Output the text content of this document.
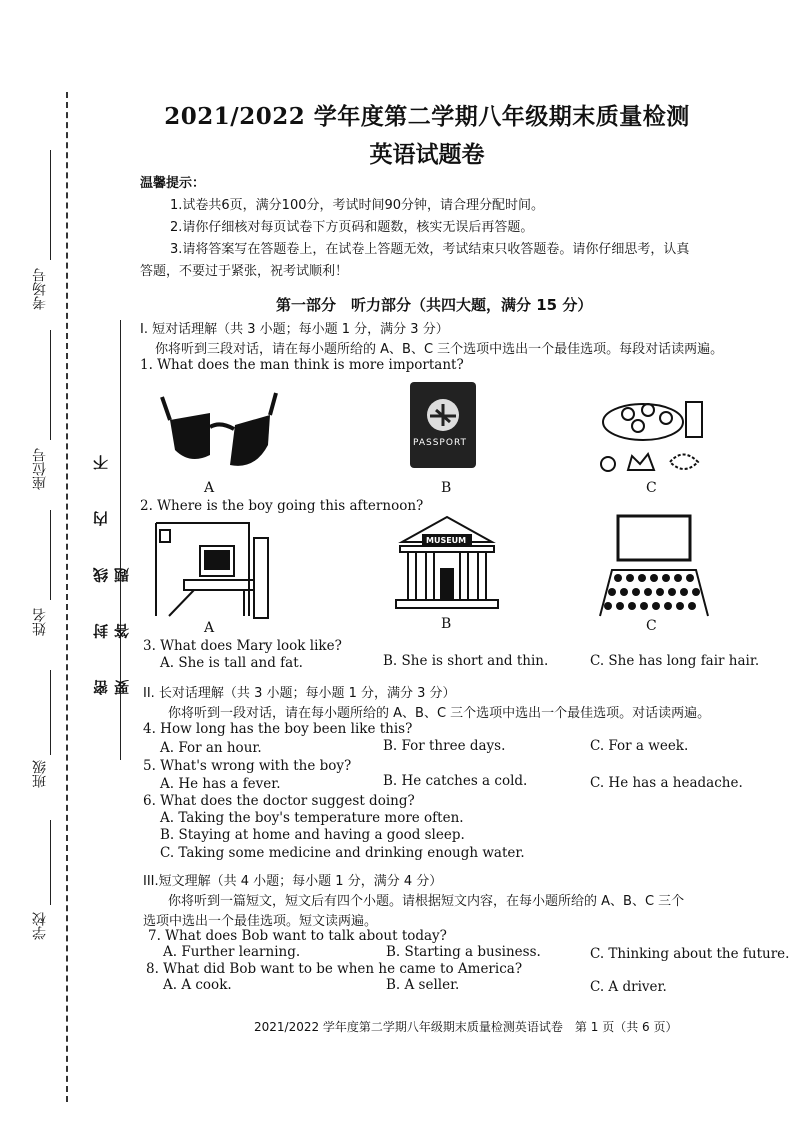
考场号
座位号
姓名
班级
学校
密 封 线 内 不 要 答 题
2021/2022 学年度第二学期八年级期末质量检测
英语试题卷
温馨提示：
1.试卷共6页，满分100分，考试时间90分钟，请合理分配时间。
2.请你仔细核对每页试卷下方页码和题数，核实无误后再答题。
3.请将答案写在答题卷上，在试卷上答题无效，考试结束只收答题卷。请你仔细思考，认真
答题，不要过于紧张，祝考试顺利！
第一部分　听力部分（共四大题，满分 15 分）
I. 短对话理解（共 3 小题；每小题 1 分，满分 3 分）
你将听到三段对话，请在每小题所给的 A、B、C 三个选项中选出一个最佳选项。每段对话读两遍。
1. What does the man think is more important?
A
PASSPORT
B	C
2. Where is the boy going this afternoon?
A
MUSEUM
B	C
3. What does Mary look like?
A. She is tall and fat.	B. She is short and thin.	C. She has long fair hair.
II. 长对话理解（共 3 小题；每小题 1 分，满分 3 分）
你将听到一段对话，请在每小题所给的 A、B、C 三个选项中选出一个最佳选项。对话读两遍。
4. How long has the boy been like this?
A. For an hour.	B. For three days.	C. For a week.
5. What's wrong with the boy?
A. He has a fever.	B. He catches a cold.	C. He has a headache.
6. What does the doctor suggest doing?
A. Taking the boy's temperature more often.
B. Staying at home and having a good sleep.
C. Taking some medicine and drinking enough water.
III.短文理解（共 4 小题；每小题 1 分，满分 4 分）
你将听到一篇短文，短文后有四个小题。请根据短文内容，在每小题所给的 A、B、C 三个
选项中选出一个最佳选项。短文读两遍。
7. What does Bob want to talk about today?
A. Further learning.	B. Starting a business.	C. Thinking about the future.
8. What did Bob want to be when he came to America?
A. A cook.	B. A seller.	C. A driver.
2021/2022 学年度第二学期八年级期末质量检测英语试卷　第 1 页（共 6 页）
